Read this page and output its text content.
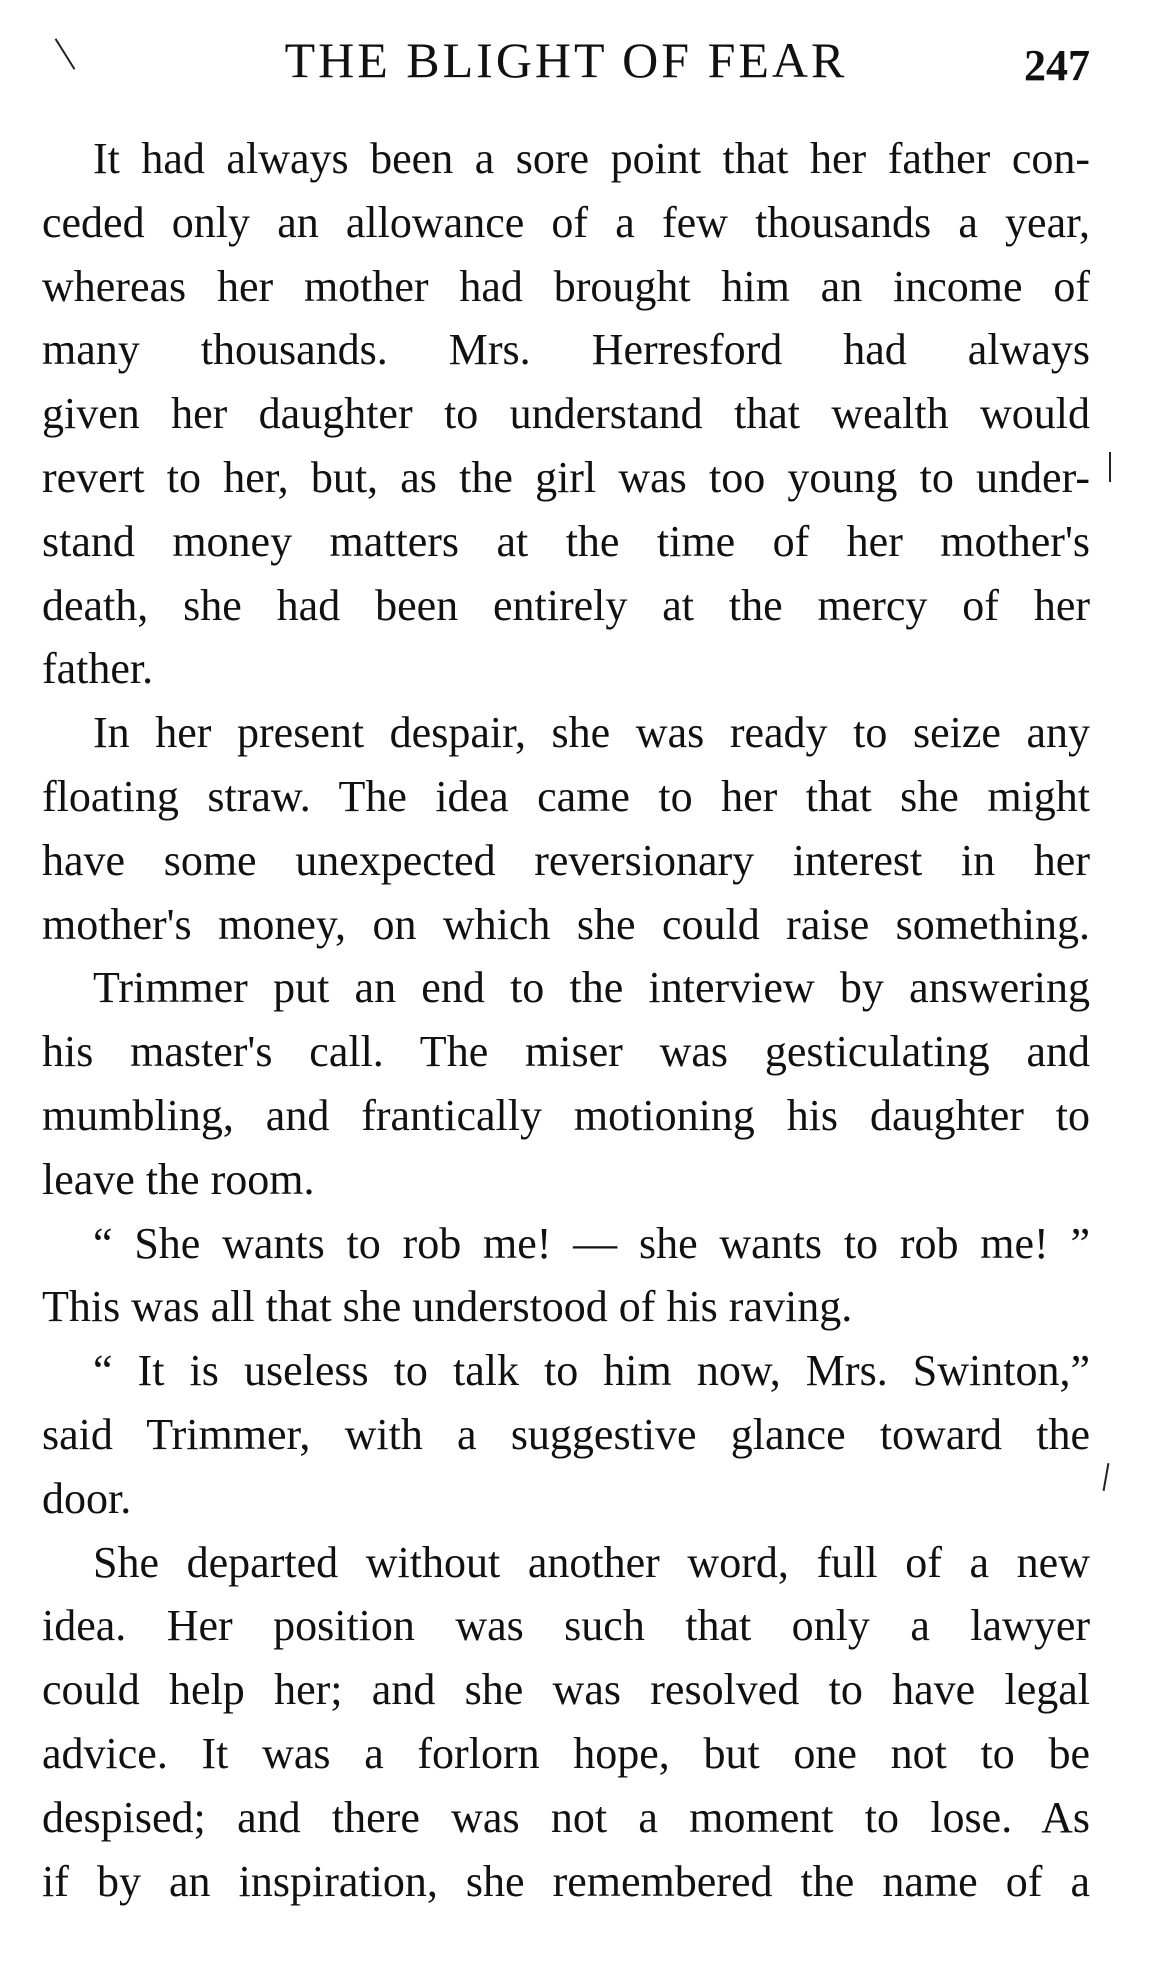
THE BLIGHT OF FEAR	247
It had always been a sore point that her father con-
ceded only an allowance of a few thousands a year,
whereas her mother had brought him an income of
many thousands. Mrs. Herresford had always
given her daughter to understand that wealth would
revert to her, but, as the girl was too young to under-
stand money matters at the time of her mother's
death, she had been entirely at the mercy of her
father.
In her present despair, she was ready to seize any
floating straw. The idea came to her that she might
have some unexpected reversionary interest in her
mother's money, on which she could raise something.
Trimmer put an end to the interview by answering
his master's call. The miser was gesticulating and
mumbling, and frantically motioning his daughter to
leave the room.
“ She wants to rob me! — she wants to rob me! ”
This was all that she understood of his raving.
“ It is useless to talk to him now, Mrs. Swinton,”
said Trimmer, with a suggestive glance toward the
door.
She departed without another word, full of a new
idea. Her position was such that only a lawyer
could help her; and she was resolved to have legal
advice. It was a forlorn hope, but one not to be
despised; and there was not a moment to lose. As
if by an inspiration, she remembered the name of a
